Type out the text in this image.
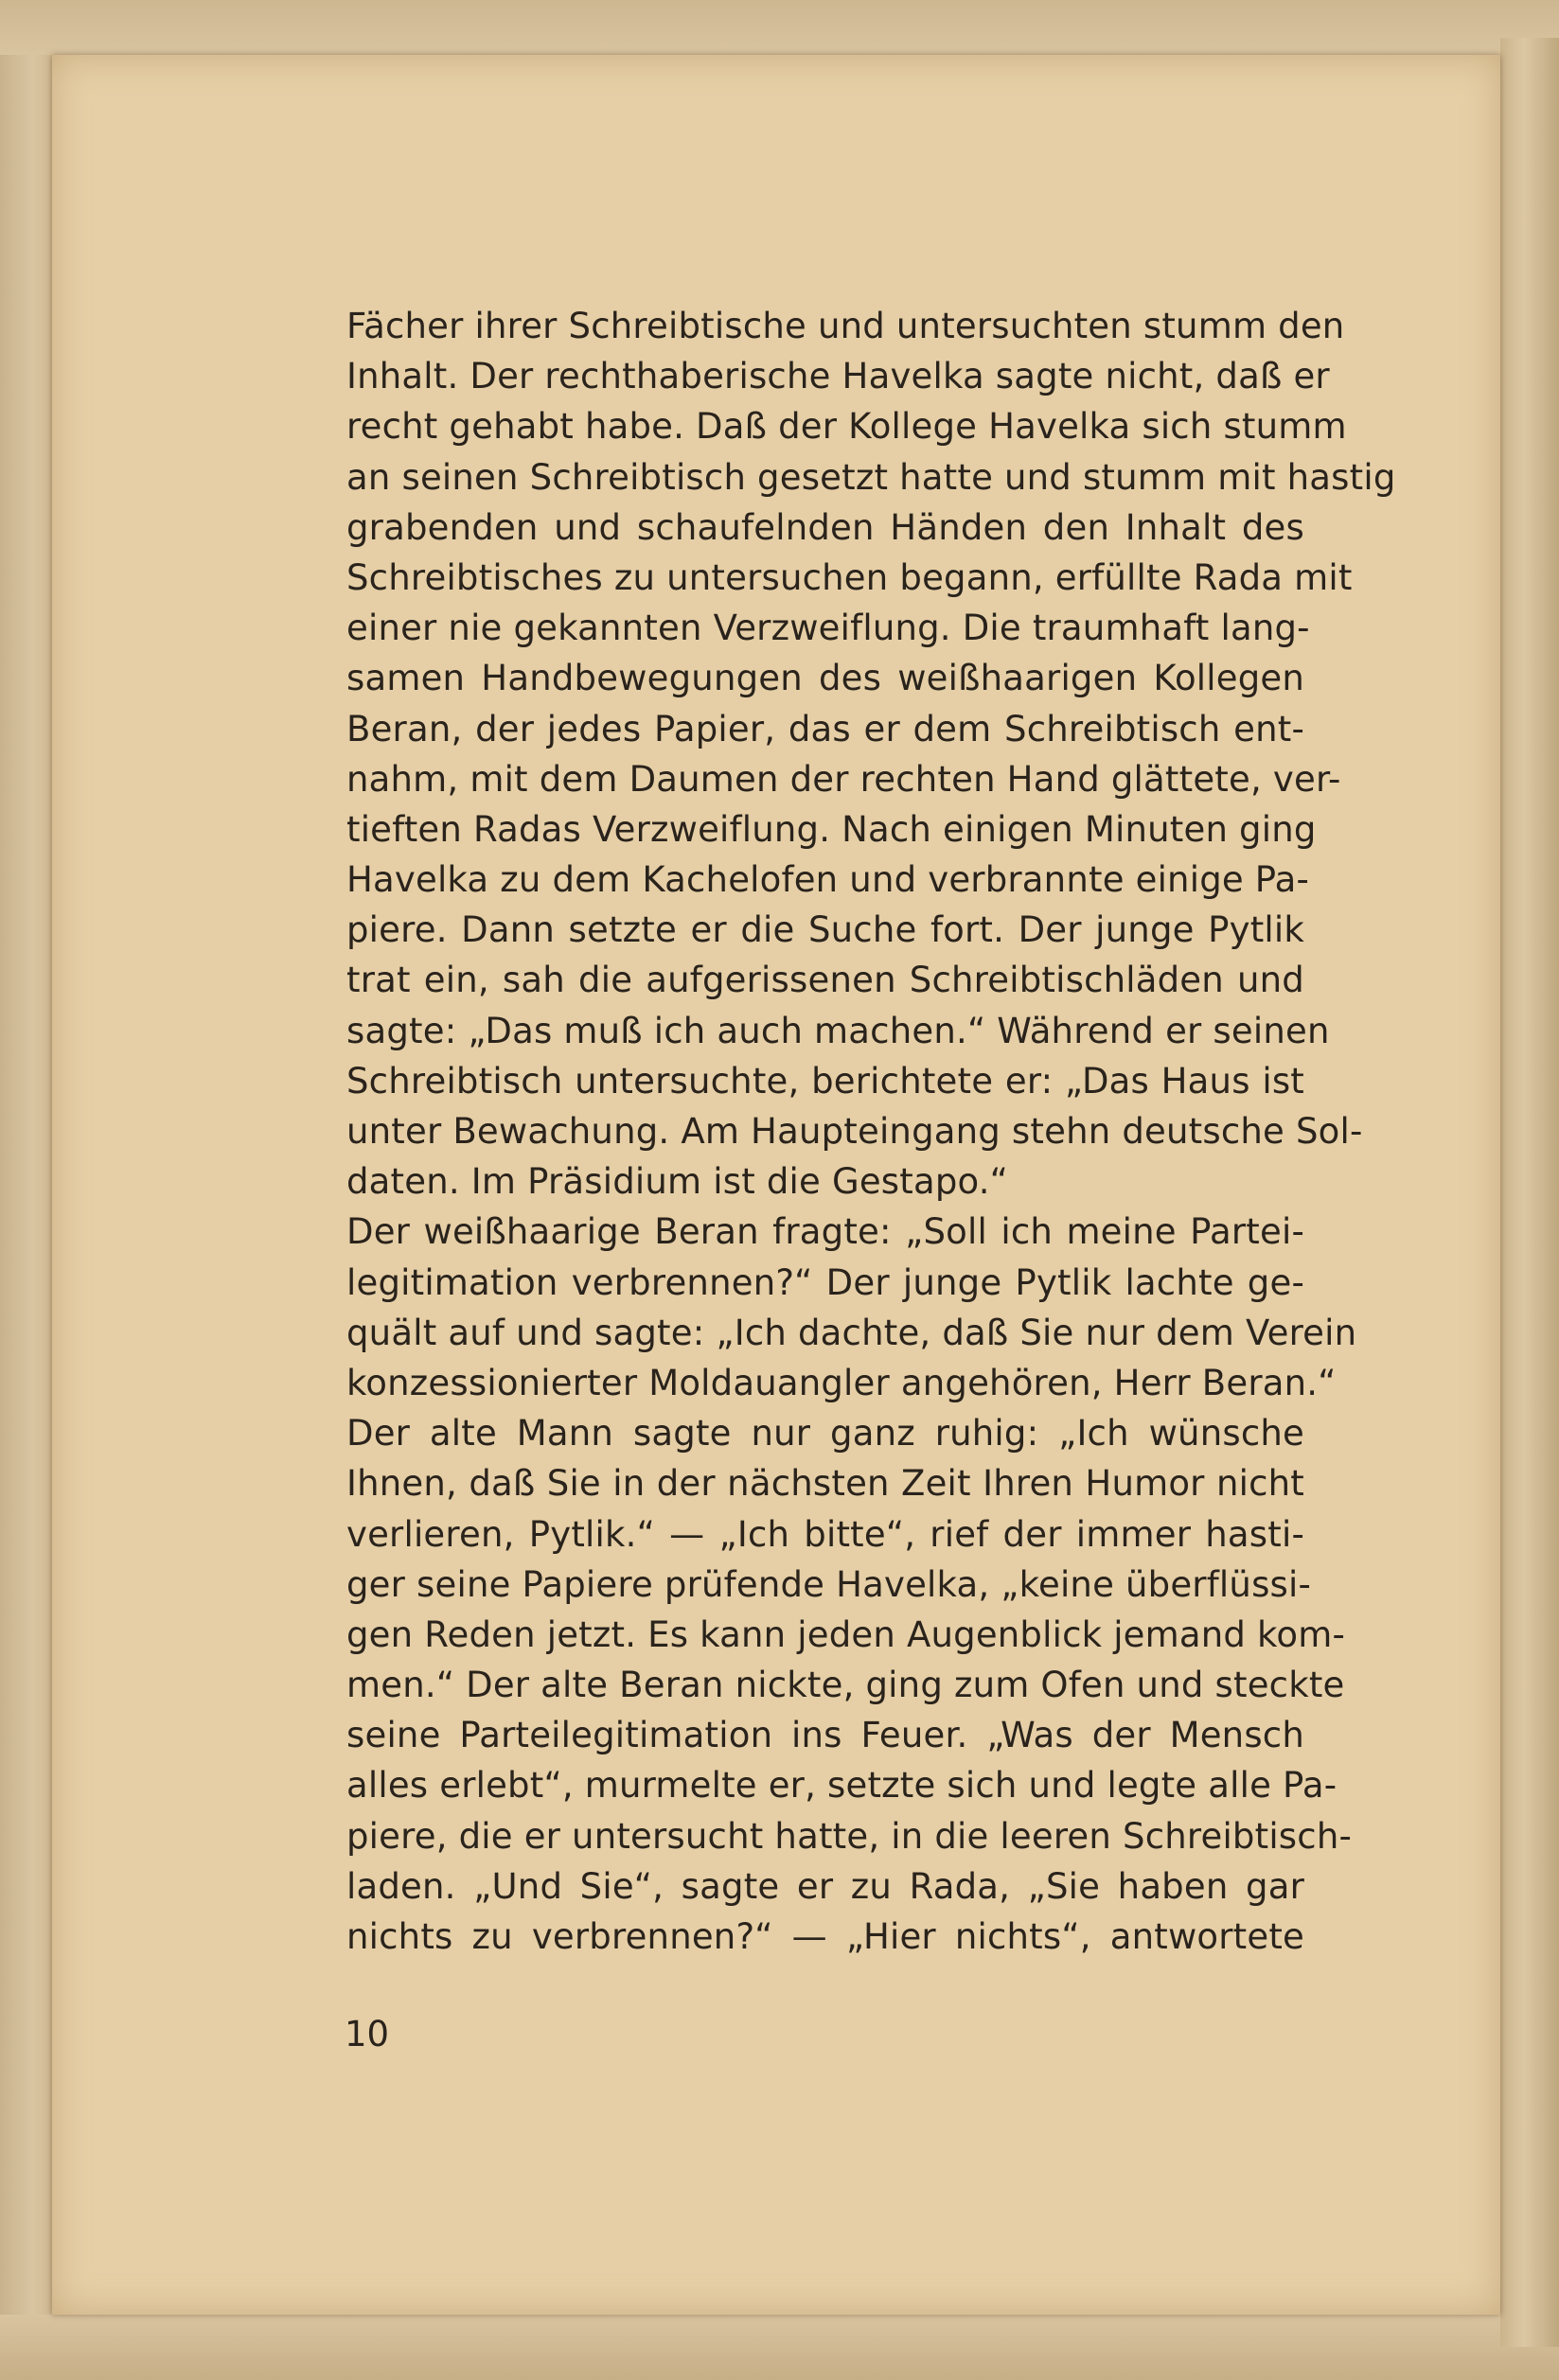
Fächer ihrer Schreibtische und untersuchten stumm den
Inhalt. Der rechthaberische Havelka sagte nicht, daß er
recht gehabt habe. Daß der Kollege Havelka sich stumm
an seinen Schreibtisch gesetzt hatte und stumm mit hastig
grabenden und schaufelnden Händen den Inhalt des
Schreibtisches zu untersuchen begann, erfüllte Rada mit
einer nie gekannten Verzweiflung. Die traumhaft lang-
samen Handbewegungen des weißhaarigen Kollegen
Beran, der jedes Papier, das er dem Schreibtisch ent-
nahm, mit dem Daumen der rechten Hand glättete, ver-
tieften Radas Verzweiflung. Nach einigen Minuten ging
Havelka zu dem Kachelofen und verbrannte einige Pa-
piere. Dann setzte er die Suche fort. Der junge Pytlik
trat ein, sah die aufgerissenen Schreibtischläden und
sagte: „Das muß ich auch machen.“ Während er seinen
Schreibtisch untersuchte, berichtete er: „Das Haus ist
unter Bewachung. Am Haupteingang stehn deutsche Sol-
daten. Im Präsidium ist die Gestapo.“
Der weißhaarige Beran fragte: „Soll ich meine Partei-
legitimation verbrennen?“ Der junge Pytlik lachte ge-
quält auf und sagte: „Ich dachte, daß Sie nur dem Verein
konzessionierter Moldauangler angehören, Herr Beran.“
Der alte Mann sagte nur ganz ruhig: „Ich wünsche
Ihnen, daß Sie in der nächsten Zeit Ihren Humor nicht
verlieren, Pytlik.“ — „Ich bitte“, rief der immer hasti-
ger seine Papiere prüfende Havelka, „keine überflüssi-
gen Reden jetzt. Es kann jeden Augenblick jemand kom-
men.“ Der alte Beran nickte, ging zum Ofen und steckte
seine Parteilegitimation ins Feuer. „Was der Mensch
alles erlebt“, murmelte er, setzte sich und legte alle Pa-
piere, die er untersucht hatte, in die leeren Schreibtisch-
laden. „Und Sie“, sagte er zu Rada, „Sie haben gar
nichts zu verbrennen?“ — „Hier nichts“, antwortete
10
